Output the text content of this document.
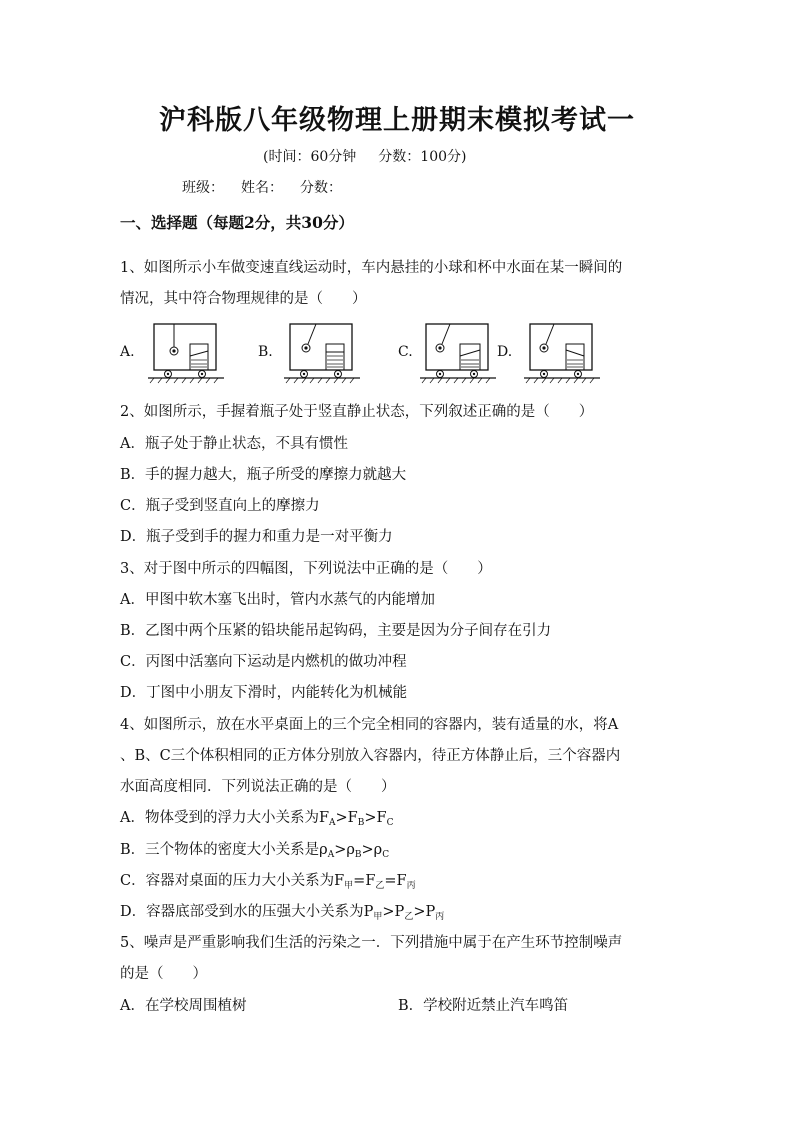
沪科版八年级物理上册期末模拟考试一
(时间：60分钟 分数：100分)
班级： 姓名： 分数：
一、选择题（每题2分，共30分）
1、如图所示小车做变速直线运动时，车内悬挂的小球和杯中水面在某一瞬间的
情况，其中符合物理规律的是（　　）
A.	B.	C.	D.
2、如图所示，手握着瓶子处于竖直静止状态，下列叙述正确的是（　　）
A．瓶子处于静止状态，不具有惯性
B．手的握力越大，瓶子所受的摩擦力就越大
C．瓶子受到竖直向上的摩擦力
D．瓶子受到手的握力和重力是一对平衡力
3、对于图中所示的四幅图，下列说法中正确的是（　　）
A．甲图中软木塞飞出时，管内水蒸气的内能增加
B．乙图中两个压紧的铅块能吊起钩码，主要是因为分子间存在引力
C．丙图中活塞向下运动是内燃机的做功冲程
D．丁图中小朋友下滑时，内能转化为机械能
4、如图所示，放在水平桌面上的三个完全相同的容器内，装有适量的水，将A
、B、C三个体积相同的正方体分别放入容器内，待正方体静止后，三个容器内
水面高度相同．下列说法正确的是（　　）
A．物体受到的浮力大小关系为$F_A>F_B>F_C$
B．三个物体的密度大小关系是$\rho_A>\rho_B>\rho_C$
C．容器对桌面的压力大小关系为$F_甲=F_乙=F_丙$
D．容器底部受到水的压强大小关系为$P_甲>P_乙>P_丙$
5、噪声是严重影响我们生活的污染之一．下列措施中属于在产生环节控制噪声
的是（　　）
A．在学校周围植树	B．学校附近禁止汽车鸣笛
